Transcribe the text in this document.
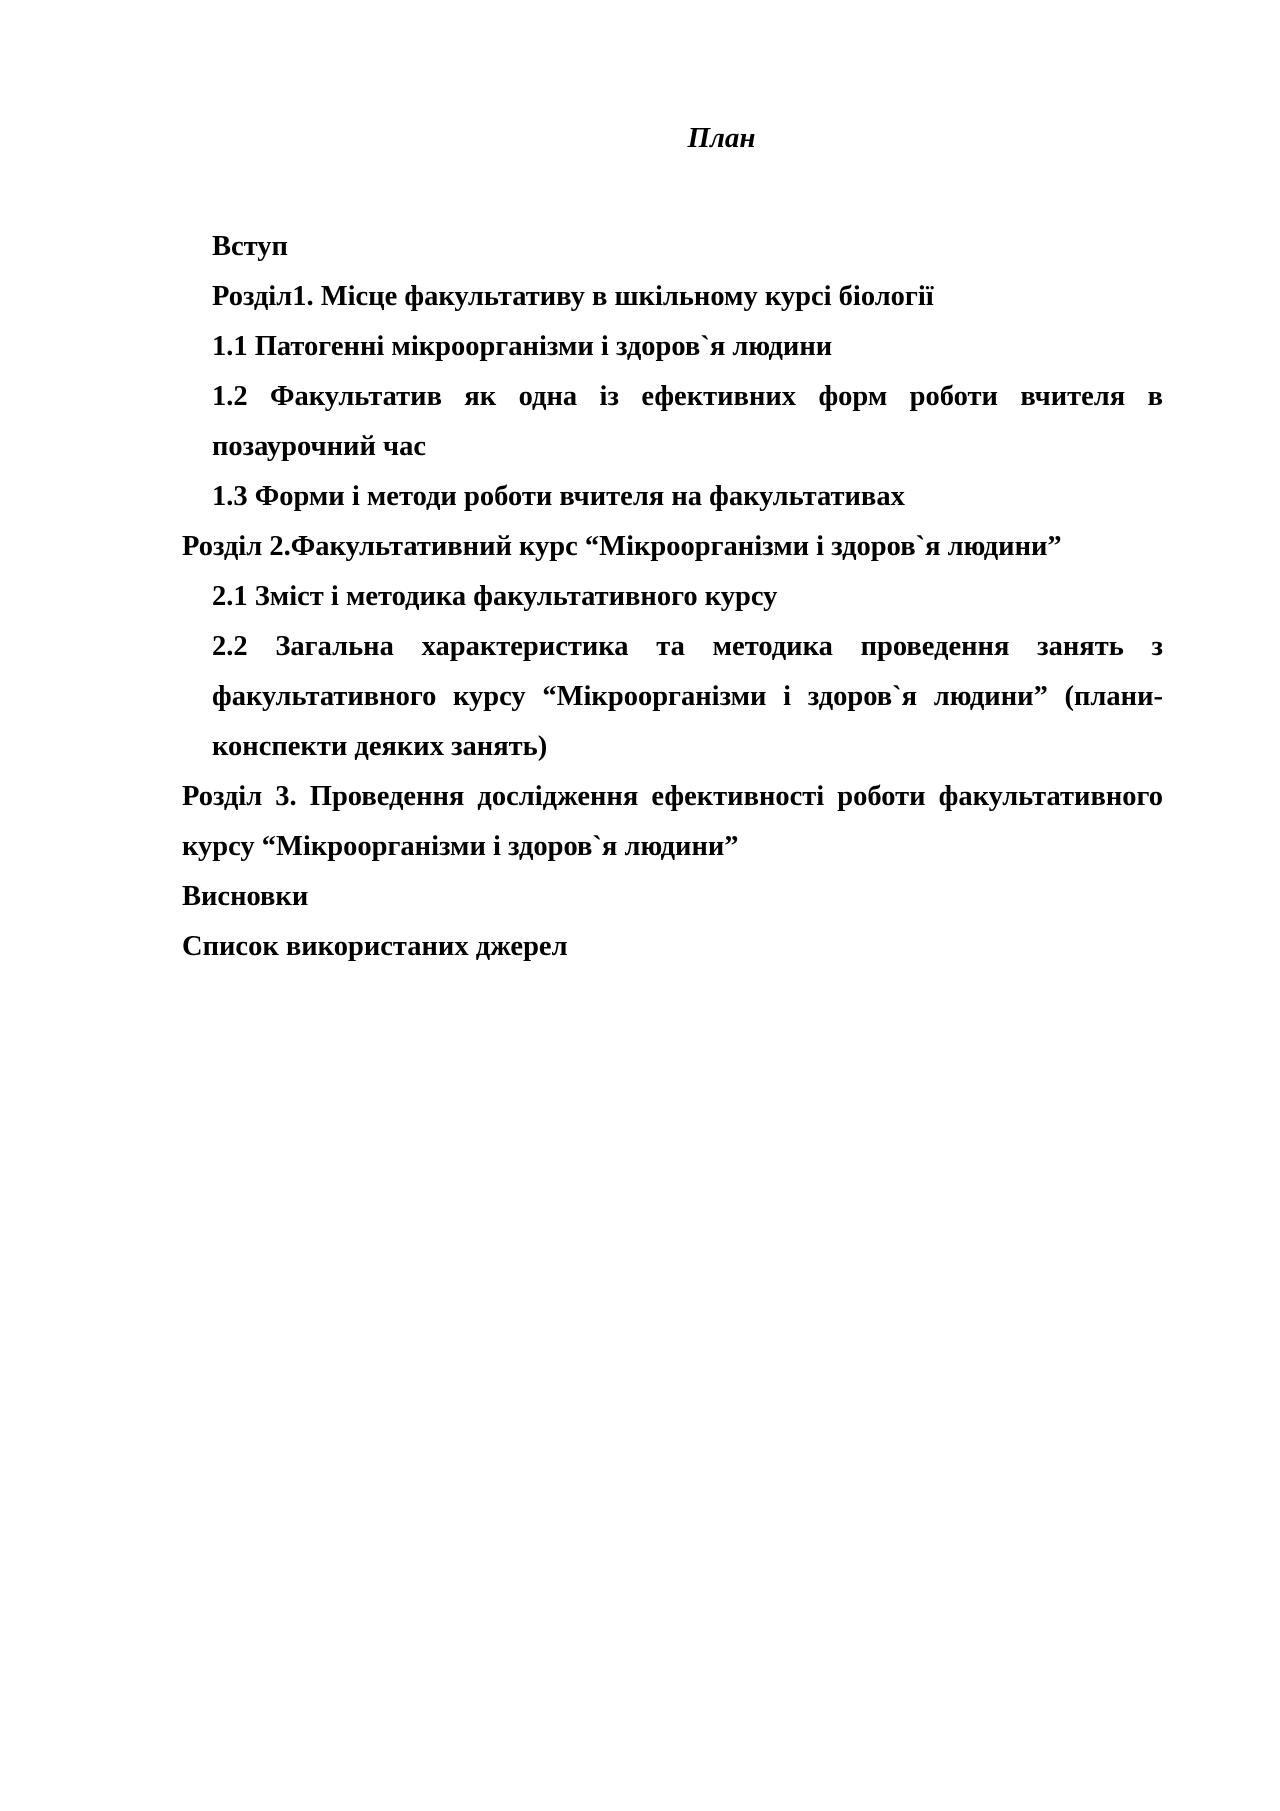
План

Вступ

Розділ1. Місце факультативу в шкільному курсі біології

1.1 Патогенні мікроорганізми і здоров`я людини

1.2 Факультатив як одна із ефективних форм роботи вчителя в позаурочний час

1.3 Форми і методи роботи вчителя на факультативах

Розділ 2.Факультативний курс “Мікроорганізми і здоров`я людини”

2.1 Зміст і методика факультативного курсу

2.2 Загальна характеристика та методика проведення занять з факультативного курсу “Мікроорганізми і здоров`я людини” (плани-конспекти деяких занять)

Розділ 3. Проведення дослідження ефективності роботи факультативного курсу “Мікроорганізми і здоров`я людини”

Висновки

Список використаних джерел
